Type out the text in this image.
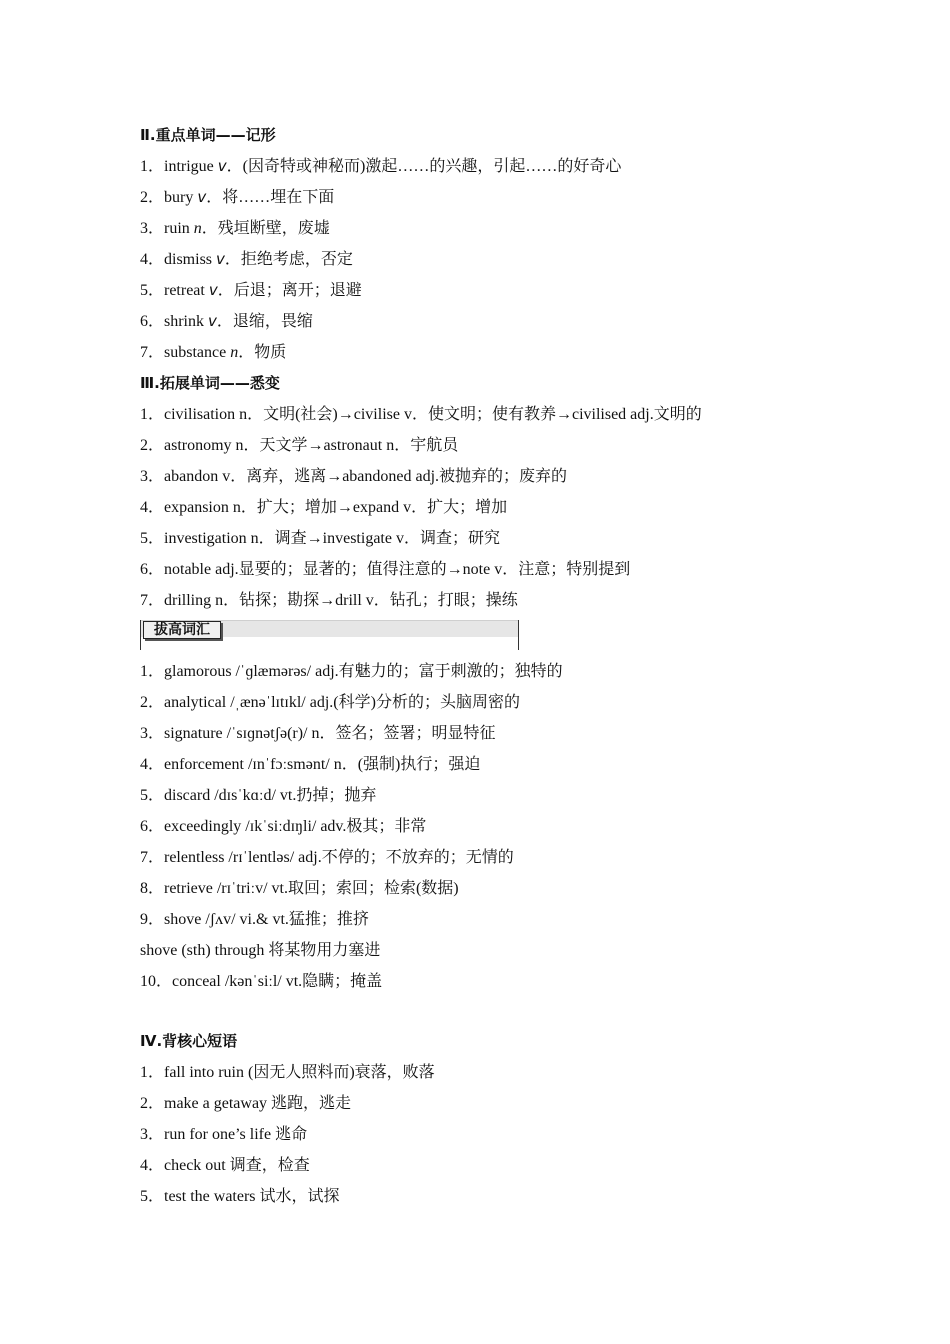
Ⅱ.重点单词——记形
1．intrigue v．(因奇特或神秘而)激起……的兴趣，引起……的好奇心
2．bury v．将……埋在下面
3．ruin n．残垣断壁，废墟
4．dismiss v．拒绝考虑，否定
5．retreat v．后退；离开；退避
6．shrink v．退缩，畏缩
7．substance n．物质
Ⅲ.拓展单词——悉变
1．civilisation n．文明(社会)→civilise v．使文明；使有教养→civilised adj.文明的
2．astronomy n．天文学→astronaut n．宇航员
3．abandon v．离弃，逃离→abandoned adj.被抛弃的；废弃的
4．expansion n．扩大；增加→expand v．扩大；增加
5．investigation n．调查→investigate v．调查；研究
6．notable adj.显要的；显著的；值得注意的→note v．注意；特别提到
7．drilling n．钻探；勘探→drill v．钻孔；打眼；操练
拔高词汇
1．glamorous /ˈɡlæmərəs/ adj.有魅力的；富于刺激的；独特的
2．analytical /ˌænəˈlɪtɪkl/ adj.(科学)分析的；头脑周密的
3．signature /ˈsɪɡnətʃə(r)/ n．签名；签署；明显特征
4．enforcement /ɪnˈfɔːsmənt/ n．(强制)执行；强迫
5．discard /dɪsˈkɑːd/ vt.扔掉；抛弃
6．exceedingly /ɪkˈsiːdɪŋli/ adv.极其；非常
7．relentless /rɪˈlentləs/ adj.不停的；不放弃的；无情的
8．retrieve /rɪˈtriːv/ vt.取回；索回；检索(数据)
9．shove /ʃʌv/ vi.& vt.猛推；推挤
shove (sth) through 将某物用力塞进
10．conceal /kənˈsiːl/ vt.隐瞒；掩盖
Ⅳ.背核心短语
1．fall into ruin (因无人照料而)衰落，败落
2．make a getaway 逃跑，逃走
3．run for one’s life 逃命
4．check out 调查，检查
5．test the waters 试水，试探
